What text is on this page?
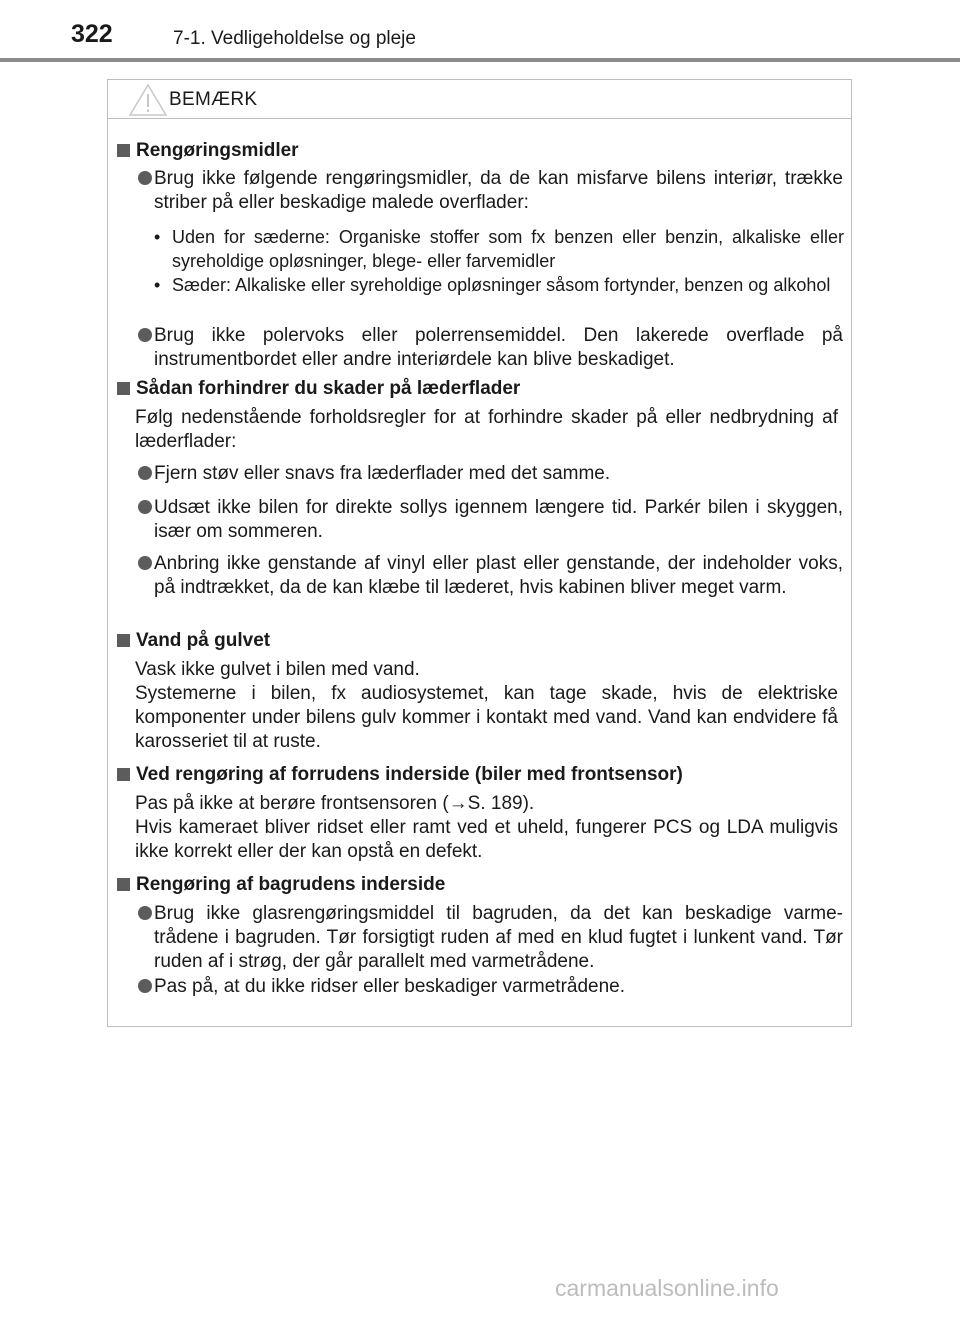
322	7-1. Vedligeholdelse og pleje
BEMÆRK
Rengøringsmidler
Brug ikke følgende rengøringsmidler, da de kan misfarve bilens interiør, trække striber på eller beskadige malede overflader:
• Uden for sæderne: Organiske stoffer som fx benzen eller benzin, alkaliske eller syreholdige opløsninger, blege- eller farvemidler
• Sæder: Alkaliske eller syreholdige opløsninger såsom fortynder, benzen og alkohol
Brug ikke polervoks eller polerrensemiddel. Den lakerede overflade på instrumentbordet eller andre interiørdele kan blive beskadiget.
Sådan forhindrer du skader på læderflader
Følg nedenstående forholdsregler for at forhindre skader på eller nedbrydning af læderflader:
Fjern støv eller snavs fra læderflader med det samme.
Udsæt ikke bilen for direkte sollys igennem længere tid. Parkér bilen i skyggen, især om sommeren.
Anbring ikke genstande af vinyl eller plast eller genstande, der indeholder voks, på indtrækket, da de kan klæbe til læderet, hvis kabinen bliver meget varm.
Vand på gulvet
Vask ikke gulvet i bilen med vand.
Systemerne i bilen, fx audiosystemet, kan tage skade, hvis de elektriske komponenter under bilens gulv kommer i kontakt med vand. Vand kan endvidere få karosseriet til at ruste.
Ved rengøring af forrudens inderside (biler med frontsensor)
Pas på ikke at berøre frontsensoren (→S. 189).
Hvis kameraet bliver ridset eller ramt ved et uheld, fungerer PCS og LDA muligvis ikke korrekt eller der kan opstå en defekt.
Rengøring af bagrudens inderside
Brug ikke glasrengøringsmiddel til bagruden, da det kan beskadige varme-trådene i bagruden. Tør forsigtigt ruden af med en klud fugtet i lunkent vand. Tør ruden af i strøg, der går parallelt med varmetrådene.
Pas på, at du ikke ridser eller beskadiger varmetrådene.
carmanualsonline.info
